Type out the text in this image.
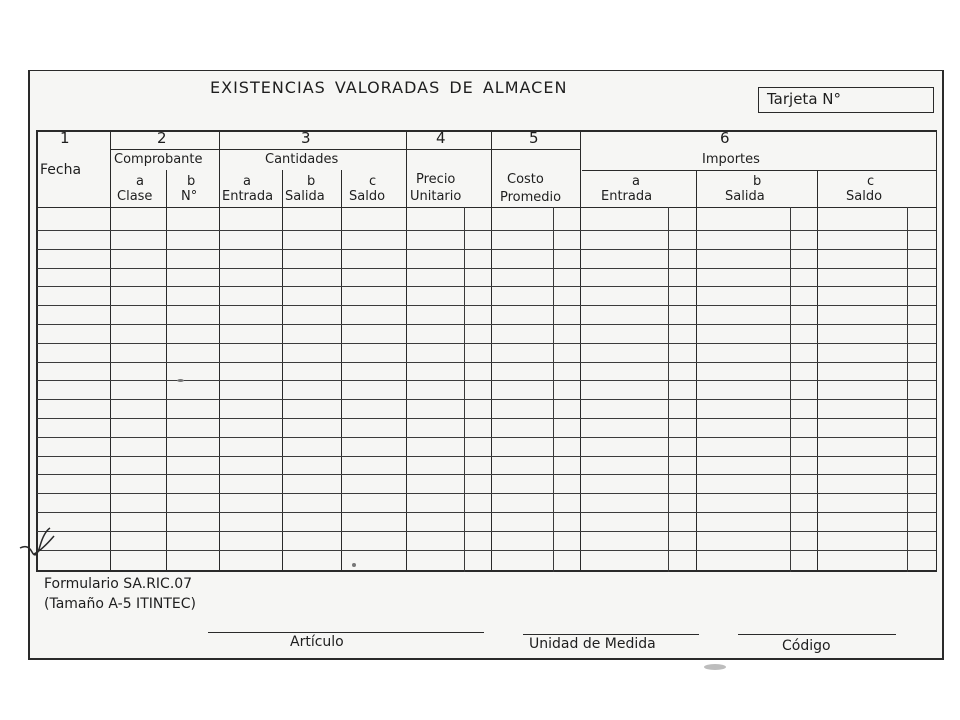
EXISTENCIAS VALORADAS DE ALMACEN
Tarjeta N°
1
Fecha
2
Comprobante
a
Clase
b
N°
3
Cantidades
a
Entrada
b
Salida
c
Saldo
4
Precio
Unitario
5
Costo
Promedio
6
Importes
a
Entrada
b
Salida
c
Saldo
Formulario SA.RIC.07
(Tamaño A-5 ITINTEC)
Artículo	Unidad de Medida	Código
